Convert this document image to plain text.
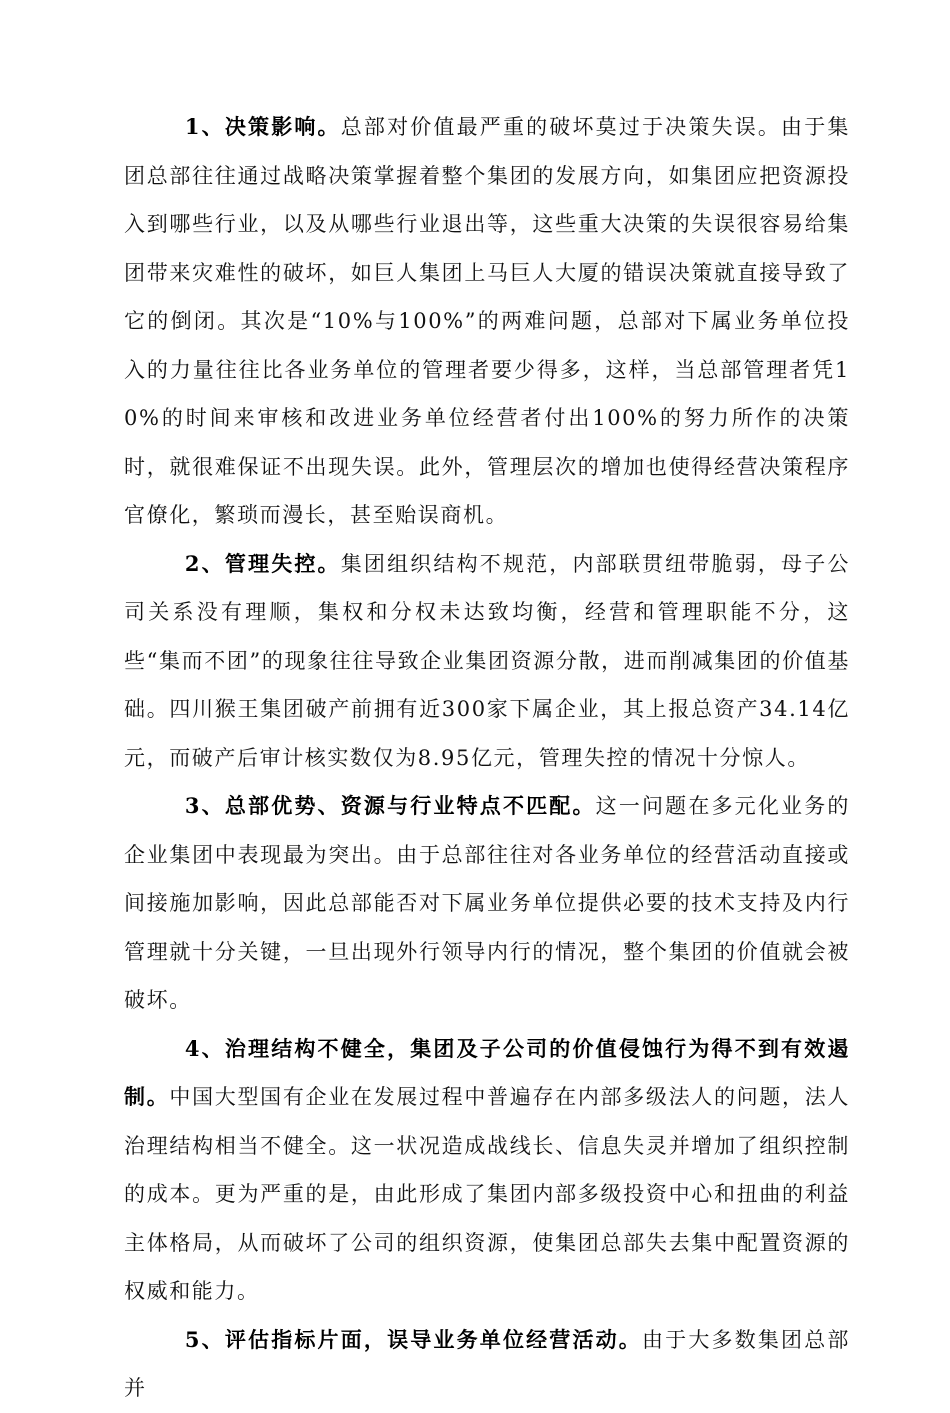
1、决策影响。总部对价值最严重的破坏莫过于决策失误。由于集团总部往往通过战略决策掌握着整个集团的发展方向，如集团应把资源投入到哪些行业，以及从哪些行业退出等，这些重大决策的失误很容易给集团带来灾难性的破坏，如巨人集团上马巨人大厦的错误决策就直接导致了它的倒闭。其次是“10%与100%”的两难问题，总部对下属业务单位投入的力量往往比各业务单位的管理者要少得多，这样，当总部管理者凭10%的时间来审核和改进业务单位经营者付出100%的努力所作的决策时，就很难保证不出现失误。此外，管理层次的增加也使得经营决策程序官僚化，繁琐而漫长，甚至贻误商机。

2、管理失控。集团组织结构不规范，内部联贯纽带脆弱，母子公司关系没有理顺，集权和分权未达致均衡，经营和管理职能不分，这些“集而不团”的现象往往导致企业集团资源分散，进而削减集团的价值基础。四川猴王集团破产前拥有近300家下属企业，其上报总资产34.14亿元，而破产后审计核实数仅为8.95亿元，管理失控的情况十分惊人。

3、总部优势、资源与行业特点不匹配。这一问题在多元化业务的企业集团中表现最为突出。由于总部往往对各业务单位的经营活动直接或间接施加影响，因此总部能否对下属业务单位提供必要的技术支持及内行管理就十分关键，一旦出现外行领导内行的情况，整个集团的价值就会被破坏。

4、治理结构不健全，集团及子公司的价值侵蚀行为得不到有效遏制。中国大型国有企业在发展过程中普遍存在内部多级法人的问题，法人治理结构相当不健全。这一状况造成战线长、信息失灵并增加了组织控制的成本。更为严重的是，由此形成了集团内部多级投资中心和扭曲的利益主体格局，从而破坏了公司的组织资源，使集团总部失去集中配置资源的权威和能力。

5、评估指标片面，误导业务单位经营活动。由于大多数集团总部并
